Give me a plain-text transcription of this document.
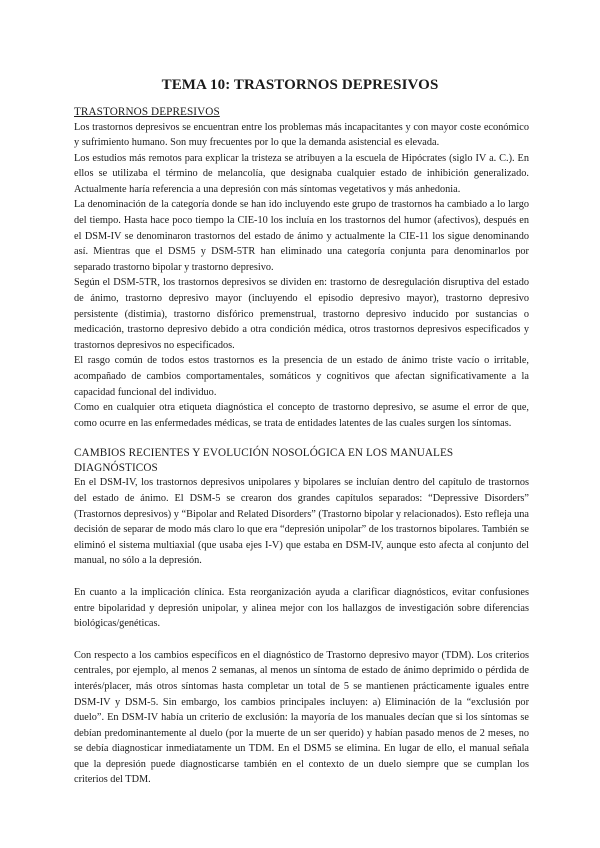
TEMA 10: TRASTORNOS DEPRESIVOS
TRASTORNOS DEPRESIVOS

Los trastornos depresivos se encuentran entre los problemas más incapacitantes y con mayor coste económico y sufrimiento humano. Son muy frecuentes por lo que la demanda asistencial es elevada.

Los estudios más remotos para explicar la tristeza se atribuyen a la escuela de Hipócrates (siglo IV a. C.). En ellos se utilizaba el término de melancolía, que designaba cualquier estado de inhibición generalizado. Actualmente haría referencia a una depresión con más síntomas vegetativos y más anhedonia.

La denominación de la categoría donde se han ido incluyendo este grupo de trastornos ha cambiado a lo largo del tiempo. Hasta hace poco tiempo la CIE-10 los incluía en los trastornos del humor (afectivos), después en el DSM-IV se denominaron trastornos del estado de ánimo y actualmente la CIE-11 los sigue denominando así. Mientras que el DSM5 y DSM-5TR han eliminado una categoría conjunta para denominarlos por separado trastorno bipolar y trastorno depresivo.

Según el DSM-5TR, los trastornos depresivos se dividen en: trastorno de desregulación disruptiva del estado de ánimo, trastorno depresivo mayor (incluyendo el episodio depresivo mayor), trastorno depresivo persistente (distimia), trastorno disfórico premenstrual, trastorno depresivo inducido por sustancias o medicación, trastorno depresivo debido a otra condición médica, otros trastornos depresivos especificados y trastornos depresivos no especificados.

El rasgo común de todos estos trastornos es la presencia de un estado de ánimo triste vacío o irritable, acompañado de cambios comportamentales, somáticos y cognitivos que afectan significativamente a la capacidad funcional del individuo.

Como en cualquier otra etiqueta diagnóstica el concepto de trastorno depresivo, se asume el error de que, como ocurre en las enfermedades médicas, se trata de entidades latentes de las cuales surgen los síntomas.

CAMBIOS RECIENTES Y EVOLUCIÓN NOSOLÓGICA EN LOS MANUALES DIAGNÓSTICOS

En el DSM-IV, los trastornos depresivos unipolares y bipolares se incluían dentro del capítulo de trastornos del estado de ánimo. El DSM-5 se crearon dos grandes capítulos separados: “Depressive Disorders” (Trastornos depresivos) y “Bipolar and Related Disorders” (Trastorno bipolar y relacionados). Esto refleja una decisión de separar de modo más claro lo que era “depresión unipolar” de los trastornos bipolares. También se eliminó el sistema multiaxial (que usaba ejes I-V) que estaba en DSM-IV, aunque esto afecta al conjunto del manual, no sólo a la depresión.

En cuanto a la implicación clínica. Esta reorganización ayuda a clarificar diagnósticos, evitar confusiones entre bipolaridad y depresión unipolar, y alinea mejor con los hallazgos de investigación sobre diferencias biológicas/genéticas.

Con respecto a los cambios específicos en el diagnóstico de Trastorno depresivo mayor (TDM). Los criterios centrales, por ejemplo, al menos 2 semanas, al menos un síntoma de estado de ánimo deprimido o pérdida de interés/placer, más otros síntomas hasta completar un total de 5 se mantienen prácticamente iguales entre DSM-IV y DSM-5. Sin embargo, los cambios principales incluyen: a) Eliminación de la “exclusión por duelo”. En DSM-IV había un criterio de exclusión: la mayoría de los manuales decían que si los síntomas se debían predominantemente al duelo (por la muerte de un ser querido) y habían pasado menos de 2 meses, no se debía diagnosticar inmediatamente un TDM. En el DSM5 se elimina. En lugar de ello, el manual señala que la depresión puede diagnosticarse también en el contexto de un duelo siempre que se cumplan los criterios del TDM.
